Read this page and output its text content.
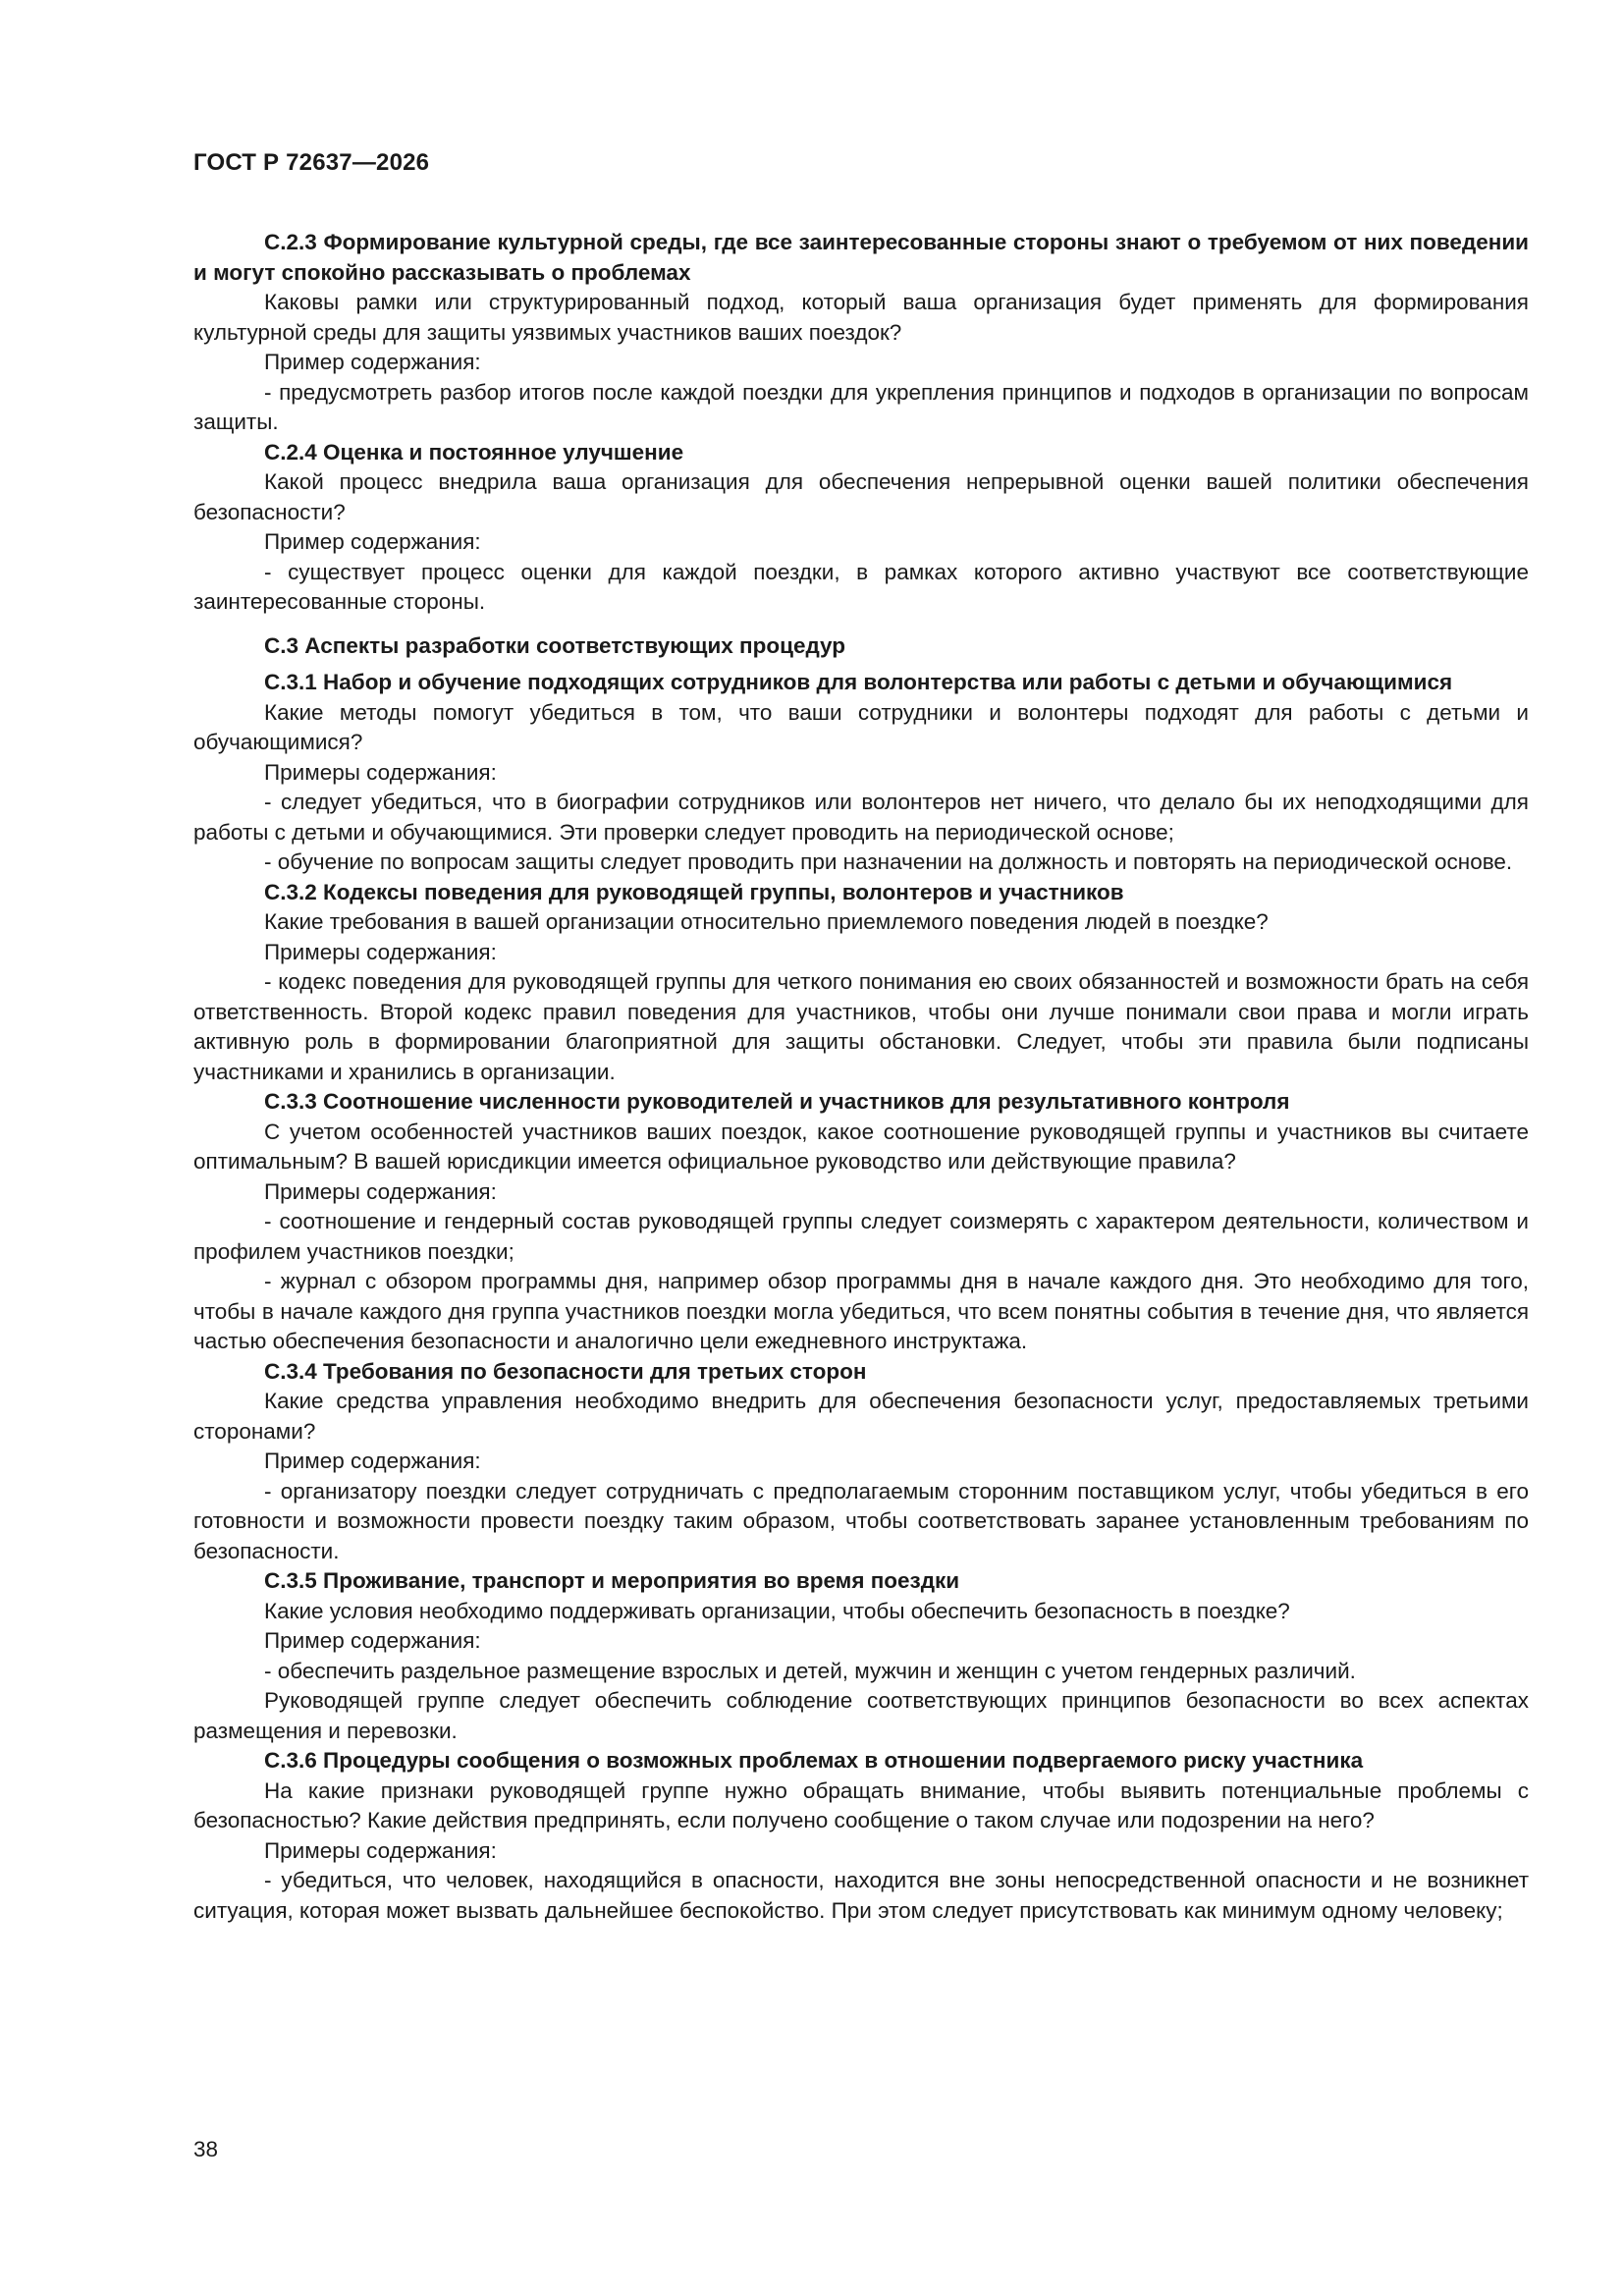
ГОСТ Р 72637—2026

С.2.3 Формирование культурной среды, где все заинтересованные стороны знают о требуемом от них поведении и могут спокойно рассказывать о проблемах

Каковы рамки или структурированный подход, который ваша организация будет применять для формирования культурной среды для защиты уязвимых участников ваших поездок?

Пример содержания:

- предусмотреть разбор итогов после каждой поездки для укрепления принципов и подходов в организации по вопросам защиты.

С.2.4 Оценка и постоянное улучшение

Какой процесс внедрила ваша организация для обеспечения непрерывной оценки вашей политики обеспечения безопасности?

Пример содержания:

- существует процесс оценки для каждой поездки, в рамках которого активно участвуют все соответствующие заинтересованные стороны.

С.3 Аспекты разработки соответствующих процедур

С.3.1 Набор и обучение подходящих сотрудников для волонтерства или работы с детьми и обучающимися

Какие методы помогут убедиться в том, что ваши сотрудники и волонтеры подходят для работы с детьми и обучающимися?

Примеры содержания:

- следует убедиться, что в биографии сотрудников или волонтеров нет ничего, что делало бы их неподходящими для работы с детьми и обучающимися. Эти проверки следует проводить на периодической основе;

- обучение по вопросам защиты следует проводить при назначении на должность и повторять на периодической основе.

С.3.2 Кодексы поведения для руководящей группы, волонтеров и участников

Какие требования в вашей организации относительно приемлемого поведения людей в поездке?

Примеры содержания:

- кодекс поведения для руководящей группы для четкого понимания ею своих обязанностей и возможности брать на себя ответственность. Второй кодекс правил поведения для участников, чтобы они лучше понимали свои права и могли играть активную роль в формировании благоприятной для защиты обстановки. Следует, чтобы эти правила были подписаны участниками и хранились в организации.

С.3.3 Соотношение численности руководителей и участников для результативного контроля

С учетом особенностей участников ваших поездок, какое соотношение руководящей группы и участников вы считаете оптимальным? В вашей юрисдикции имеется официальное руководство или действующие правила?

Примеры содержания:

- соотношение и гендерный состав руководящей группы следует соизмерять с характером деятельности, количеством и профилем участников поездки;

- журнал с обзором программы дня, например обзор программы дня в начале каждого дня. Это необходимо для того, чтобы в начале каждого дня группа участников поездки могла убедиться, что всем понятны события в течение дня, что является частью обеспечения безопасности и аналогично цели ежедневного инструктажа.

С.3.4 Требования по безопасности для третьих сторон

Какие средства управления необходимо внедрить для обеспечения безопасности услуг, предоставляемых третьими сторонами?

Пример содержания:

- организатору поездки следует сотрудничать с предполагаемым сторонним поставщиком услуг, чтобы убедиться в его готовности и возможности провести поездку таким образом, чтобы соответствовать заранее установленным требованиям по безопасности.

С.3.5 Проживание, транспорт и мероприятия во время поездки

Какие условия необходимо поддерживать организации, чтобы обеспечить безопасность в поездке?

Пример содержания:

- обеспечить раздельное размещение взрослых и детей, мужчин и женщин с учетом гендерных различий.

Руководящей группе следует обеспечить соблюдение соответствующих принципов безопасности во всех аспектах размещения и перевозки.

С.3.6 Процедуры сообщения о возможных проблемах в отношении подвергаемого риску участника

На какие признаки руководящей группе нужно обращать внимание, чтобы выявить потенциальные проблемы с безопасностью? Какие действия предпринять, если получено сообщение о таком случае или подозрении на него?

Примеры содержания:

- убедиться, что человек, находящийся в опасности, находится вне зоны непосредственной опасности и не возникнет ситуация, которая может вызвать дальнейшее беспокойство. При этом следует присутствовать как минимум одному человеку;

38
